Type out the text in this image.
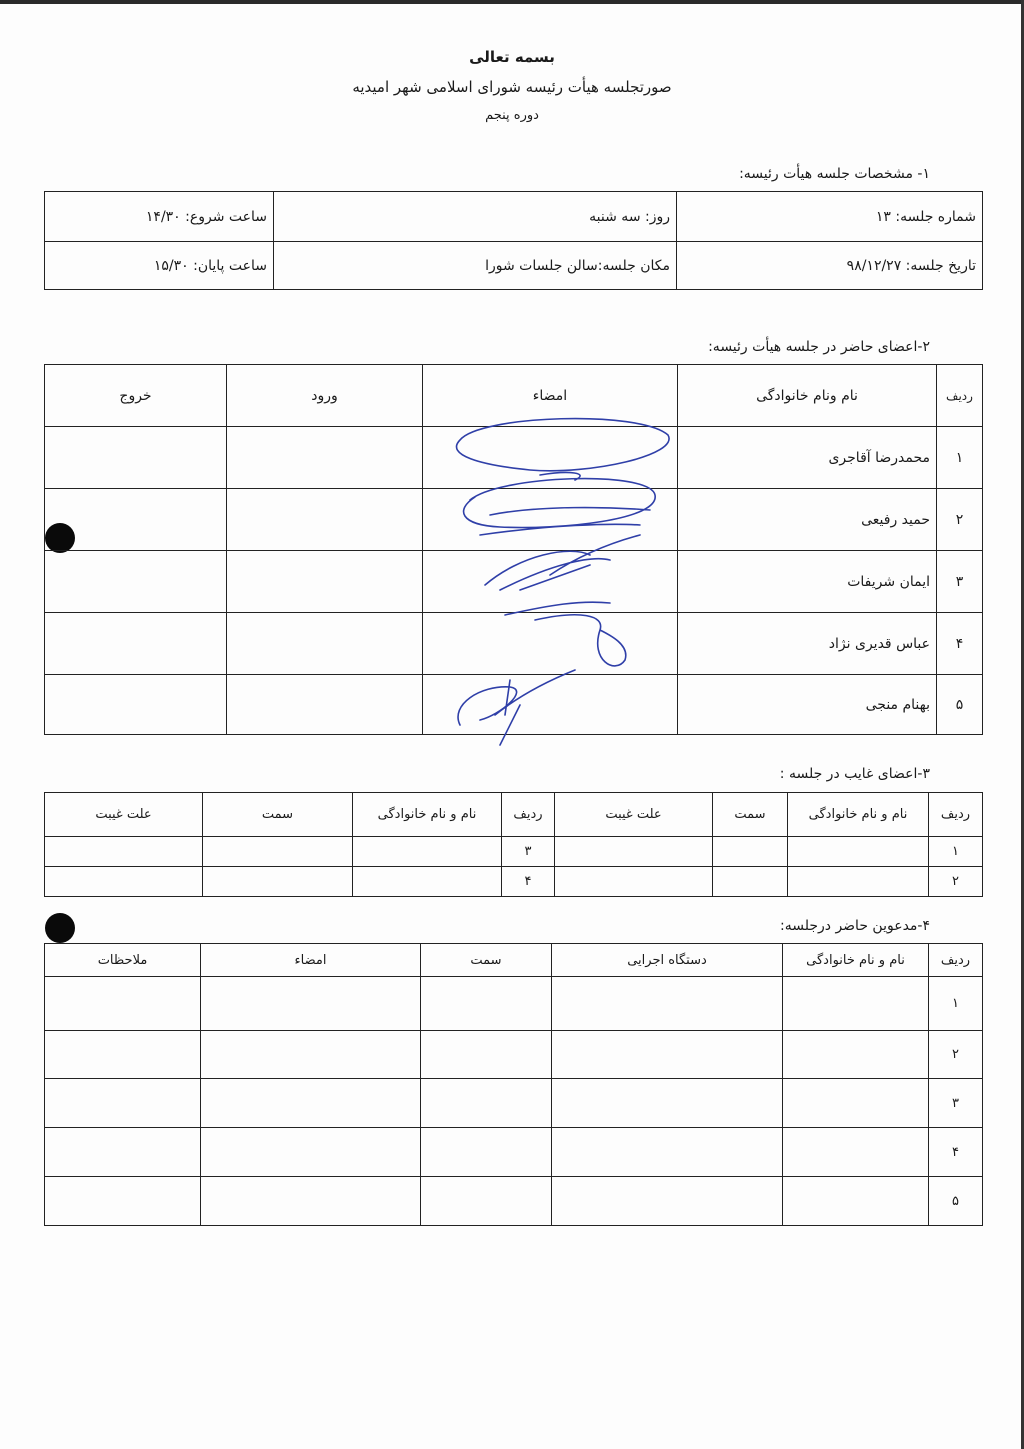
بسمه تعالی
صورتجلسه هیأت رئیسه شورای اسلامی شهر امیدیه
دوره پنجم
۱- مشخصات جلسه هیأت رئیسه:
شماره جلسه: ۱۳	روز: سه شنبه	ساعت شروع: ۱۴/۳۰
تاریخ جلسه: ۹۸/۱۲/۲۷	مکان جلسه:سالن جلسات شورا	ساعت پایان: ۱۵/۳۰
۲-اعضای حاضر در جلسه هیأت رئیسه:
ردیف	نام ونام خانوادگی	امضاء	ورود	خروج
۱	محمدرضا آقاجری			
۲	حمید رفیعی			
۳	ایمان شریفات			
۴	عباس قدیری نژاد			
۵	بهنام منجی			
۳-اعضای غایب در جلسه :
ردیف	نام و نام خانوادگی	سمت	علت غیبت	ردیف	نام و نام خانوادگی	سمت	علت غیبت
۱				۳			
۲				۴			
۴-مدعوین حاضر درجلسه:
ردیف	نام و نام خانوادگی	دستگاه اجرایی	سمت	امضاء	ملاحظات
۱					
۲					
۳					
۴					
۵					
